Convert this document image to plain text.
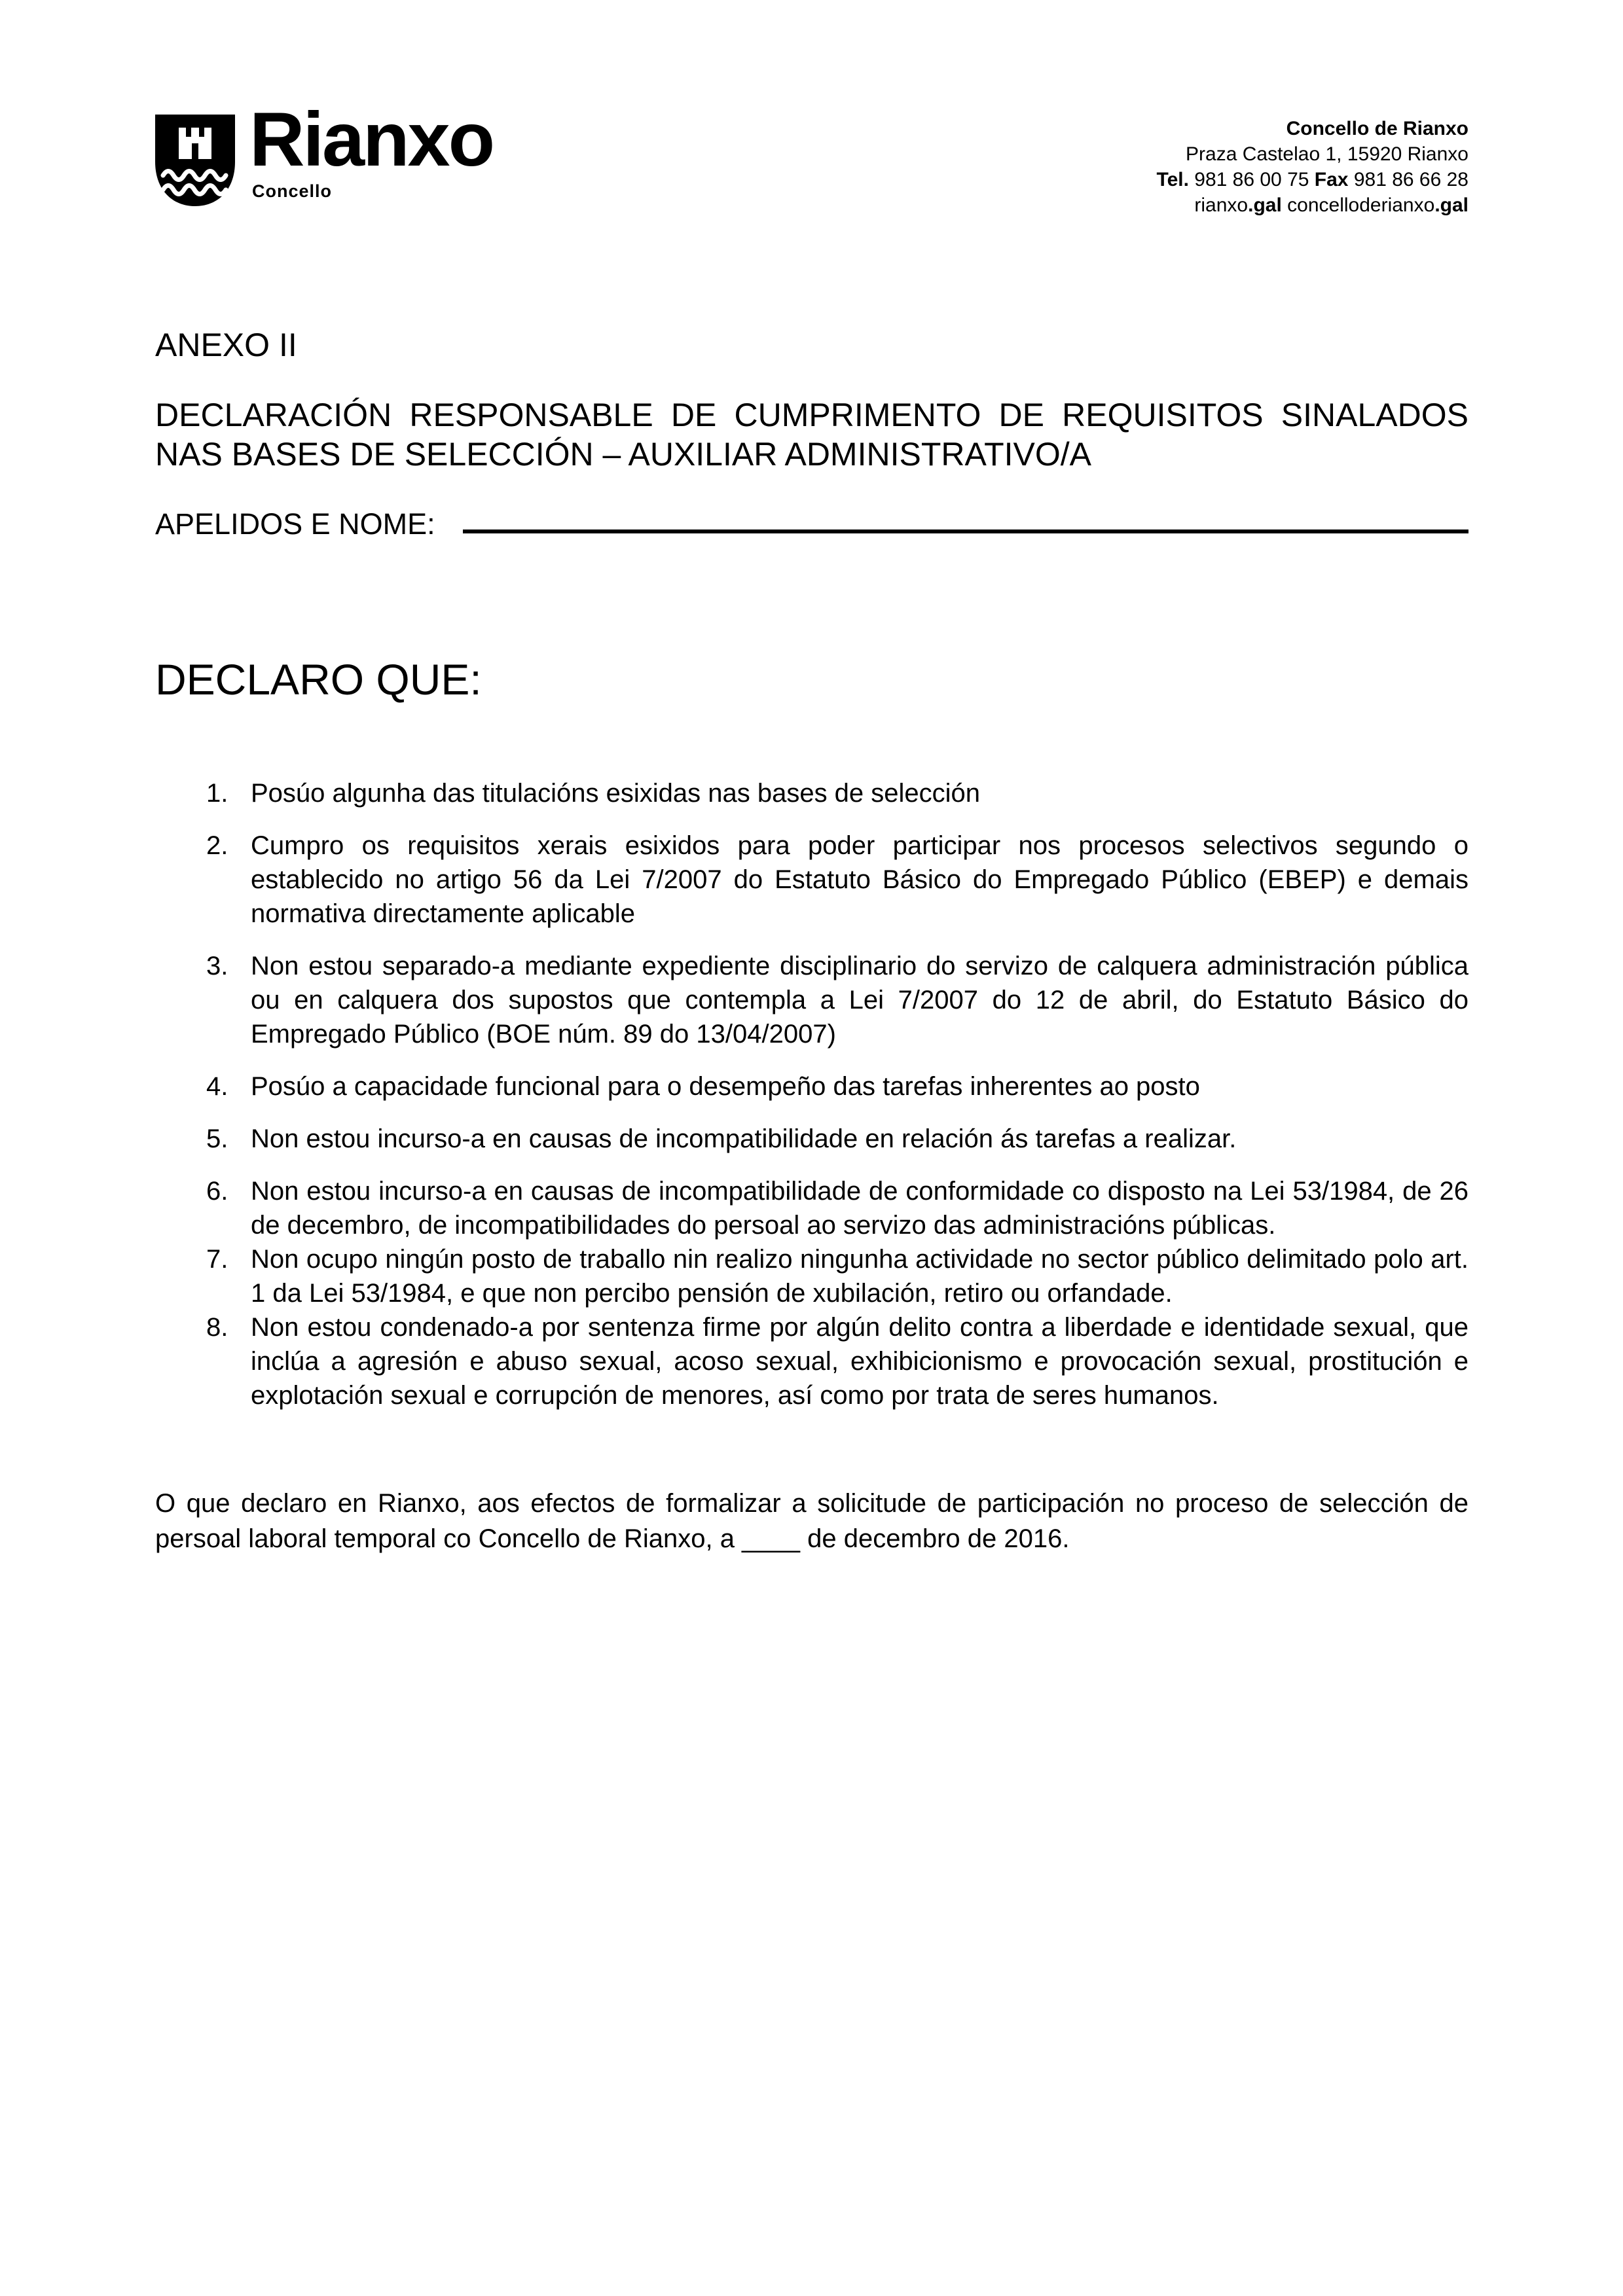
Rianxo
Concello
Concello de Rianxo
Praza Castelao 1, 15920 Rianxo
Tel. 981 86 00 75 Fax 981 86 66 28
rianxo.gal concelloderianxo.gal

ANEXO II

DECLARACIÓN RESPONSABLE DE CUMPRIMENTO DE REQUISITOS SINALADOS NAS BASES DE SELECCIÓN – AUXILIAR ADMINISTRATIVO/A

APELIDOS E NOME:

DECLARO QUE:
Posúo algunha das titulacións esixidas nas bases de selección
Cumpro os requisitos xerais esixidos para poder participar nos procesos selectivos segundo o establecido no artigo 56 da Lei 7/2007 do Estatuto Básico do Empregado Público (EBEP) e demais normativa directamente aplicable
Non estou separado-a mediante expediente disciplinario do servizo de calquera administración pública ou en calquera dos supostos que contempla a Lei 7/2007 do 12 de abril, do Estatuto Básico do Empregado Público (BOE núm. 89 do 13/04/2007)
Posúo a capacidade funcional para o desempeño das tarefas inherentes ao posto
Non estou incurso-a en causas de incompatibilidade en relación ás tarefas a realizar.
Non estou incurso-a en causas de incompatibilidade de conformidade co disposto na Lei 53/1984, de 26 de decembro, de incompatibilidades do persoal ao servizo das administracións públicas.
Non ocupo ningún posto de traballo nin realizo ningunha actividade no sector público delimitado polo art. 1 da Lei 53/1984, e que non percibo pensión de xubilación, retiro ou orfandade.
Non estou condenado-a por sentenza firme por algún delito contra a liberdade e identidade sexual, que inclúa a agresión e abuso sexual, acoso sexual, exhibicionismo e provocación sexual, prostitución e explotación sexual e corrupción de menores, así como por trata de seres humanos.

O que declaro en Rianxo, aos efectos de formalizar a solicitude de participación no proceso de selección de persoal laboral temporal co Concello de Rianxo, a ____ de decembro de 2016.
